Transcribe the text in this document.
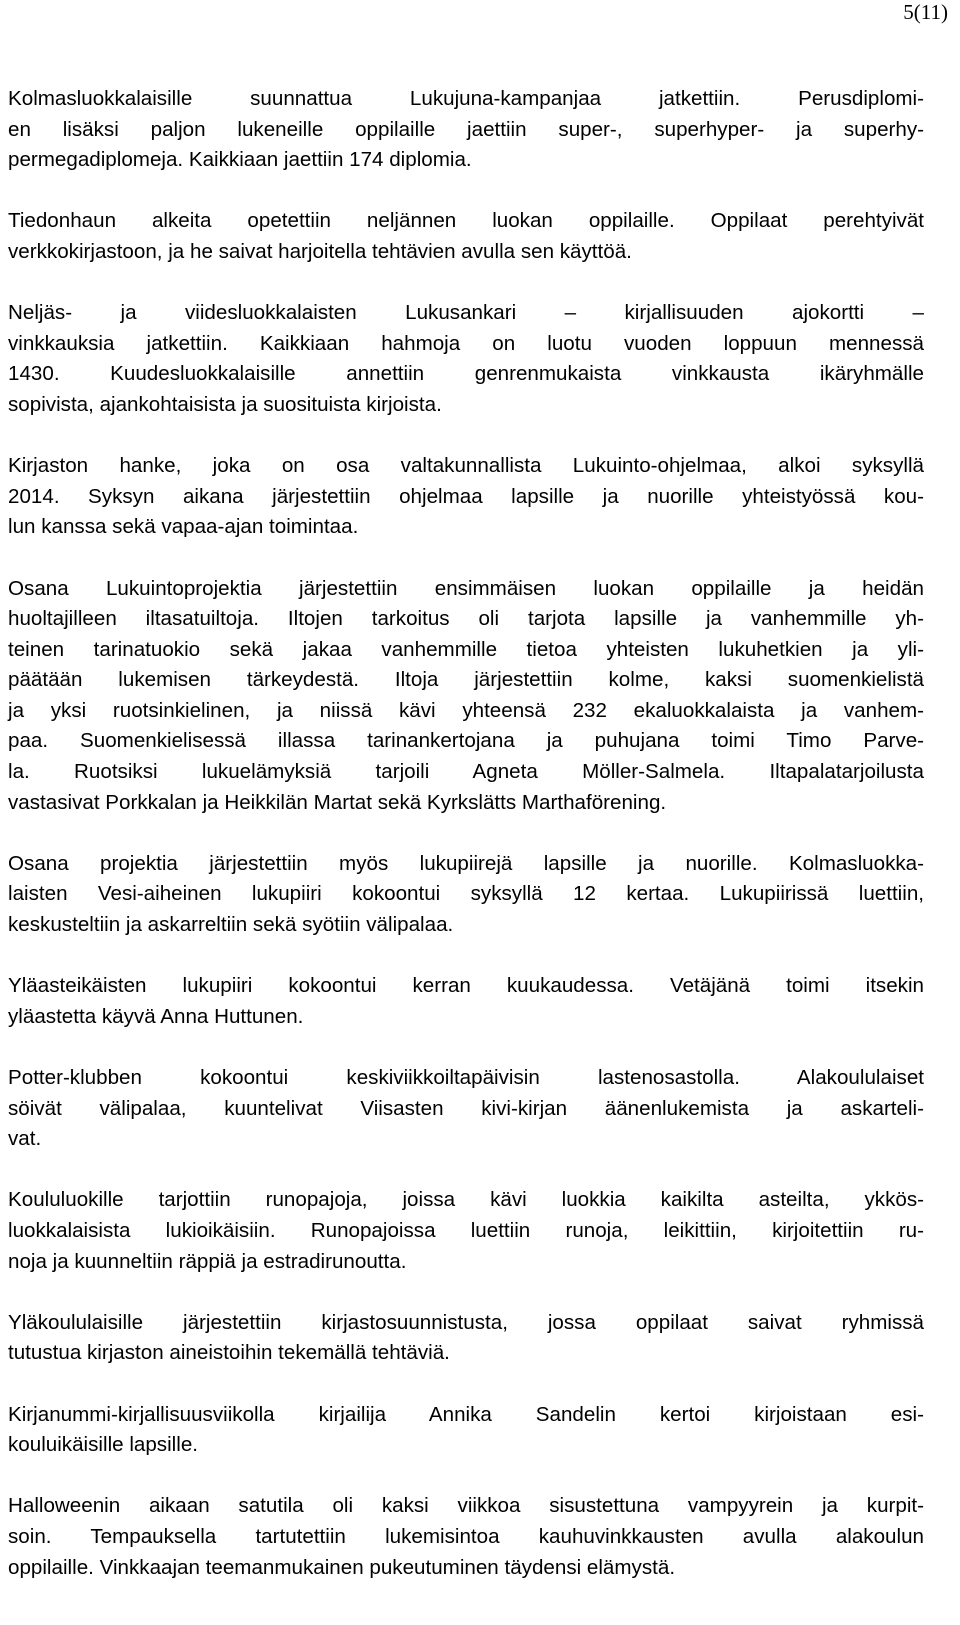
5(11)

Kolmasluokkalaisille suunnattua Lukujuna-kampanjaa jatkettiin. Perusdiplomi-
en lisäksi paljon lukeneille oppilaille jaettiin super-, superhyper- ja superhy-
permegadiplomeja. Kaikkiaan jaettiin 174 diplomia.

Tiedonhaun alkeita opetettiin neljännen luokan oppilaille. Oppilaat perehtyivät
verkkokirjastoon, ja he saivat harjoitella tehtävien avulla sen käyttöä.

Neljäs- ja viidesluokkalaisten Lukusankari – kirjallisuuden ajokortti –
vinkkauksia jatkettiin. Kaikkiaan hahmoja on luotu vuoden loppuun mennessä
1430. Kuudesluokkalaisille annettiin genrenmukaista vinkkausta ikäryhmälle
sopivista, ajankohtaisista ja suosituista kirjoista.

Kirjaston hanke, joka on osa valtakunnallista Lukuinto-ohjelmaa, alkoi syksyllä
2014. Syksyn aikana järjestettiin ohjelmaa lapsille ja nuorille yhteistyössä kou-
lun kanssa sekä vapaa-ajan toimintaa.

Osana Lukuintoprojektia järjestettiin ensimmäisen luokan oppilaille ja heidän
huoltajilleen iltasatuiltoja. Iltojen tarkoitus oli tarjota lapsille ja vanhemmille yh-
teinen tarinatuokio sekä jakaa vanhemmille tietoa yhteisten lukuhetkien ja yli-
päätään lukemisen tärkeydestä. Iltoja järjestettiin kolme, kaksi suomenkielistä
ja yksi ruotsinkielinen, ja niissä kävi yhteensä 232 ekaluokkalaista ja vanhem-
paa. Suomenkielisessä illassa tarinankertojana ja puhujana toimi Timo Parve-
la. Ruotsiksi lukuelämyksiä tarjoili Agneta Möller-Salmela. Iltapalatarjoilusta
vastasivat Porkkalan ja Heikkilän Martat sekä Kyrkslätts Marthaförening.

Osana projektia järjestettiin myös lukupiirejä lapsille ja nuorille. Kolmasluokka-
laisten Vesi-aiheinen lukupiiri kokoontui syksyllä 12 kertaa. Lukupiirissä luettiin,
keskusteltiin ja askarreltiin sekä syötiin välipalaa.

Yläasteikäisten lukupiiri kokoontui kerran kuukaudessa. Vetäjänä toimi itsekin
yläastetta käyvä Anna Huttunen.

Potter-klubben kokoontui keskiviikkoiltapäivisin lastenosastolla. Alakoululaiset
söivät välipalaa, kuuntelivat Viisasten kivi-kirjan äänenlukemista ja askarteli-
vat.

Koululuokille tarjottiin runopajoja, joissa kävi luokkia kaikilta asteilta, ykkös-
luokkalaisista lukioikäisiin. Runopajoissa luettiin runoja, leikittiin, kirjoitettiin ru-
noja ja kuunneltiin räppiä ja estradirunoutta.

Yläkoululaisille järjestettiin kirjastosuunnistusta, jossa oppilaat saivat ryhmissä
tutustua kirjaston aineistoihin tekemällä tehtäviä.

Kirjanummi-kirjallisuusviikolla kirjailija Annika Sandelin kertoi kirjoistaan esi-
kouluikäisille lapsille.

Halloweenin aikaan satutila oli kaksi viikkoa sisustettuna vampyyrein ja kurpit-
soin. Tempauksella tartutettiin lukemisintoa kauhuvinkkausten avulla alakoulun
oppilaille. Vinkkaajan teemanmukainen pukeutuminen täydensi elämystä.
